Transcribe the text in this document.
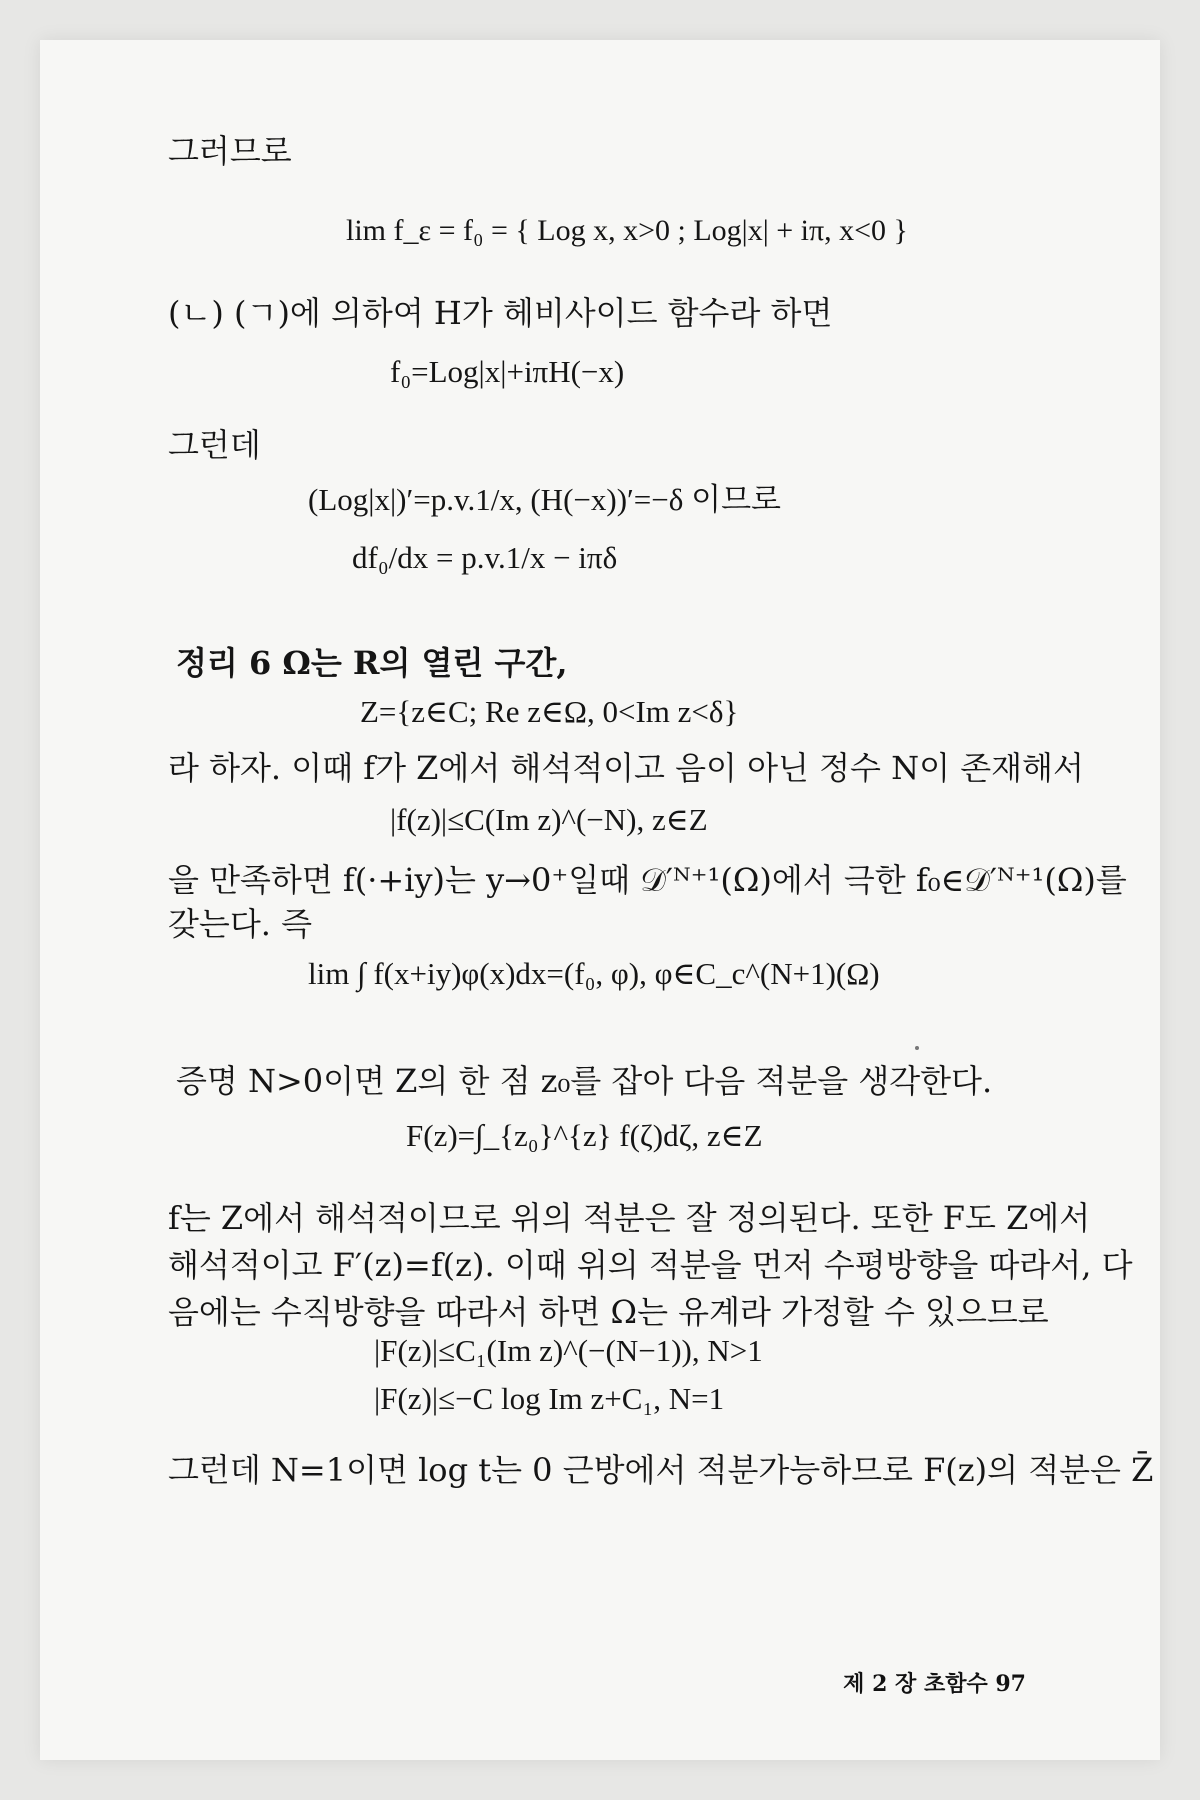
그러므로
lim f_ε = f₀ = { Log x, x>0 ; Log|x| + iπ, x<0 }
(ㄴ) (ㄱ)에 의하여 H가 헤비사이드 함수라 하면
f₀=Log|x|+iπH(−x)
그런데
(Log|x|)′=p.v.1/x, (H(−x))′=−δ 이므로
df₀/dx = p.v.1/x − iπδ
정리 6 Ω는 R의 열린 구간,
Z={z∈C; Re z∈Ω, 0<Im z<δ}
라 하자. 이때 f가 Z에서 해석적이고 음이 아닌 정수 N이 존재해서
|f(z)|≤C(Im z)^(−N), z∈Z
을 만족하면 f(·+iy)는 y→0⁺일때 𝒟′ᴺ⁺¹(Ω)에서 극한 f₀∈𝒟′ᴺ⁺¹(Ω)를
갖는다. 즉
lim ∫ f(x+iy)φ(x)dx=(f₀, φ), φ∈C_c^(N+1)(Ω)
증명 N>0이면 Z의 한 점 z₀를 잡아 다음 적분을 생각한다.
F(z)=∫_{z₀}^{z} f(ζ)dζ, z∈Z
f는 Z에서 해석적이므로 위의 적분은 잘 정의된다. 또한 F도 Z에서
해석적이고 F′(z)=f(z). 이때 위의 적분을 먼저 수평방향을 따라서, 다
음에는 수직방향을 따라서 하면 Ω는 유계라 가정할 수 있으므로
|F(z)|≤C₁(Im z)^(−(N−1)), N>1
|F(z)|≤−C log Im z+C₁, N=1
그런데 N=1이면 log t는 0 근방에서 적분가능하므로 F(z)의 적분은 Z̄
제 2 장 초함수 97
